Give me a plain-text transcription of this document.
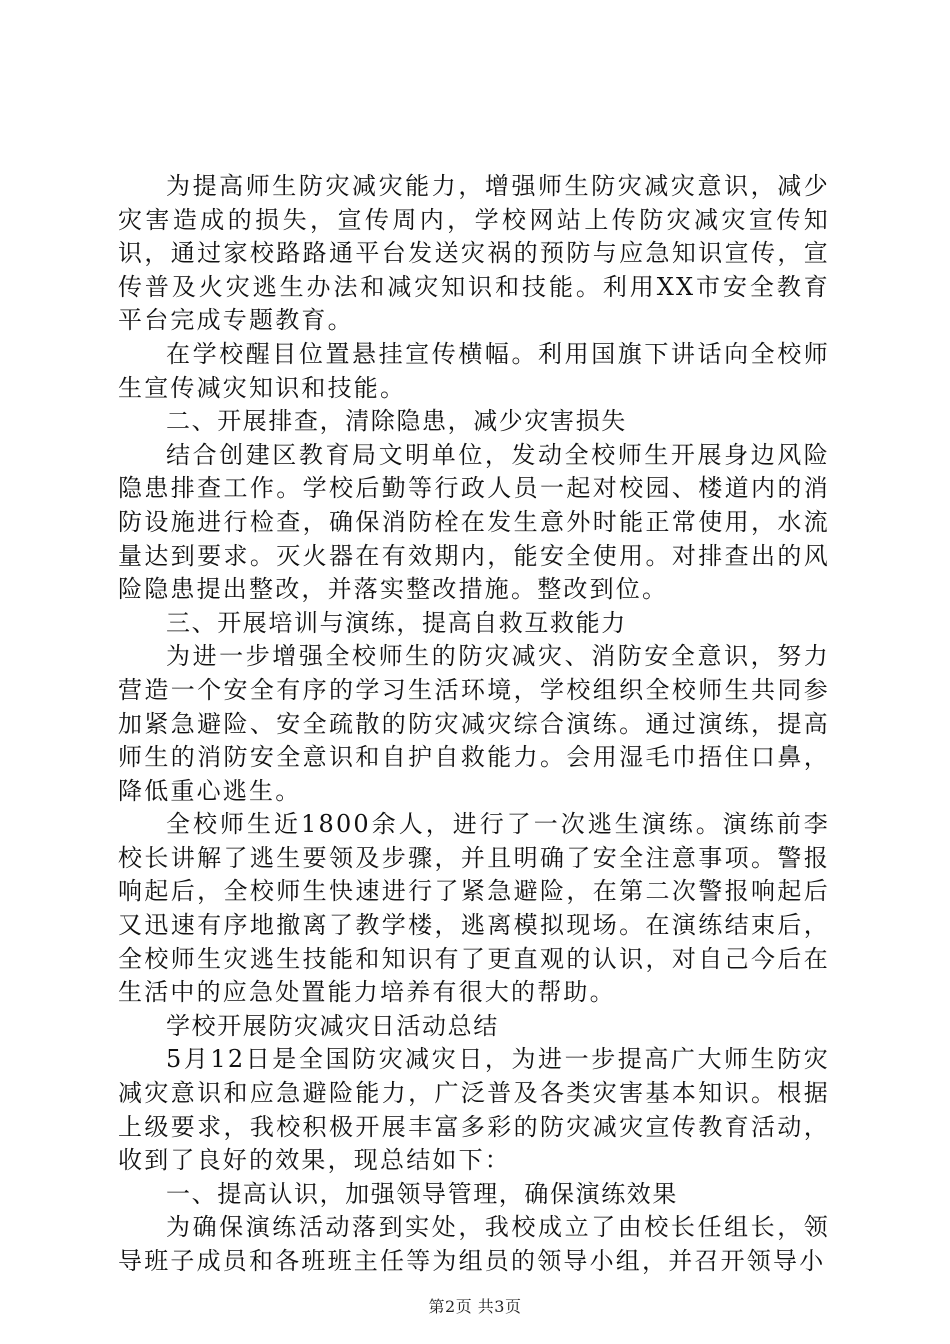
为提高师生防灾减灾能力，增强师生防灾减灾意识，减少灾害造成的损失，宣传周内，学校网站上传防灾减灾宣传知识，通过家校路路通平台发送灾祸的预防与应急知识宣传，宣传普及火灾逃生办法和减灾知识和技能。利用XX市安全教育平台完成专题教育。

在学校醒目位置悬挂宣传横幅。利用国旗下讲话向全校师生宣传减灾知识和技能。

二、开展排查，清除隐患，减少灾害损失

结合创建区教育局文明单位，发动全校师生开展身边风险隐患排查工作。学校后勤等行政人员一起对校园、楼道内的消防设施进行检查，确保消防栓在发生意外时能正常使用，水流量达到要求。灭火器在有效期内，能安全使用。对排查出的风险隐患提出整改，并落实整改措施。整改到位。

三、开展培训与演练，提高自救互救能力

为进一步增强全校师生的防灾减灾、消防安全意识，努力营造一个安全有序的学习生活环境，学校组织全校师生共同参加紧急避险、安全疏散的防灾减灾综合演练。通过演练，提高师生的消防安全意识和自护自救能力。会用湿毛巾捂住口鼻，降低重心逃生。

全校师生近1800余人，进行了一次逃生演练。演练前李校长讲解了逃生要领及步骤，并且明确了安全注意事项。警报响起后，全校师生快速进行了紧急避险，在第二次警报响起后又迅速有序地撤离了教学楼，逃离模拟现场。在演练结束后，全校师生灾逃生技能和知识有了更直观的认识，对自己今后在生活中的应急处置能力培养有很大的帮助。

学校开展防灾减灾日活动总结

5月12日是全国防灾减灾日，为进一步提高广大师生防灾减灾意识和应急避险能力，广泛普及各类灾害基本知识。根据上级要求，我校积极开展丰富多彩的防灾减灾宣传教育活动，收到了良好的效果，现总结如下：

一、提高认识，加强领导管理，确保演练效果

为确保演练活动落到实处，我校成立了由校长任组长，领导班子成员和各班班主任等为组员的领导小组，并召开领导小

第2页 共3页
